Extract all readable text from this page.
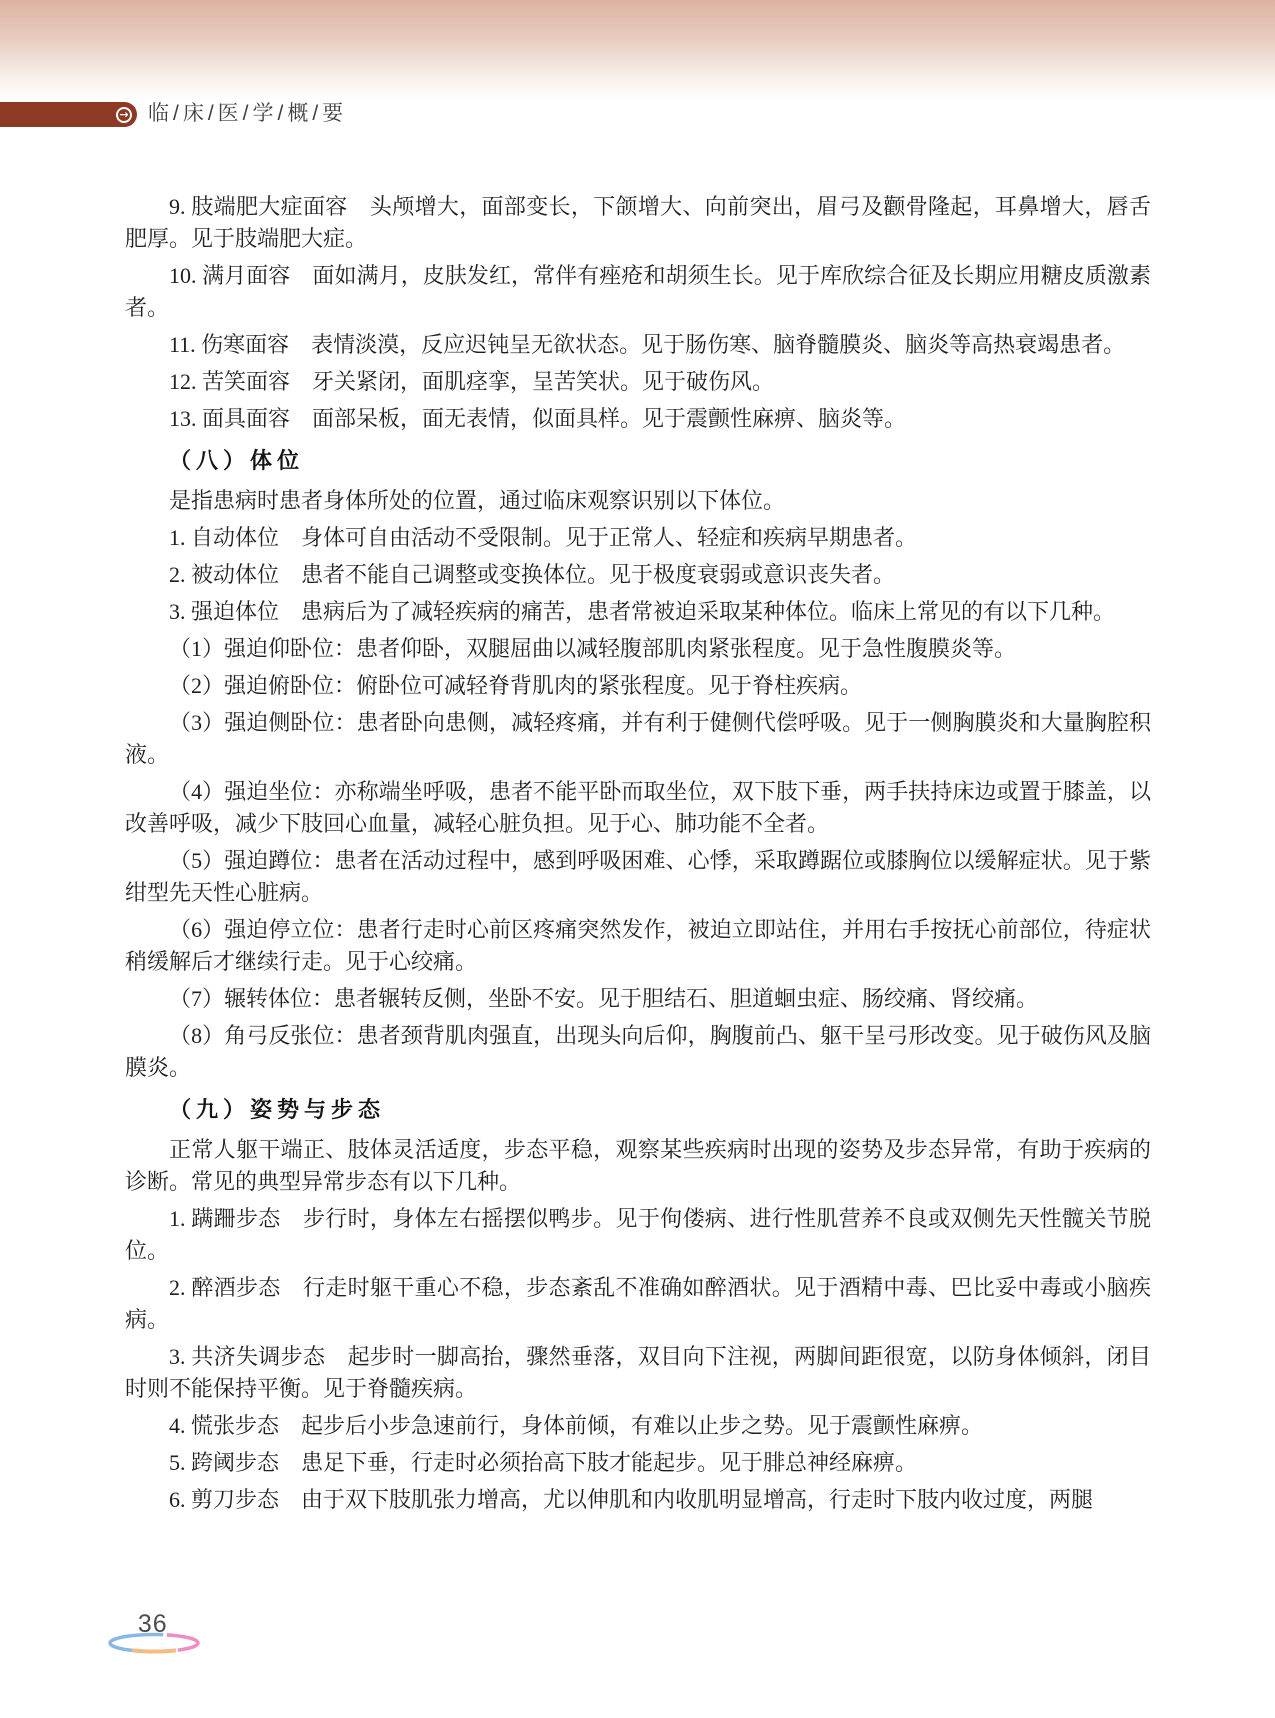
→ 临/床/医/学/概/要

9. 肢端肥大症面容　头颅增大，面部变长，下颌增大、向前突出，眉弓及颧骨隆起，耳鼻增大，唇舌肥厚。见于肢端肥大症。

10. 满月面容　面如满月，皮肤发红，常伴有痤疮和胡须生长。见于库欣综合征及长期应用糖皮质激素者。

11. 伤寒面容　表情淡漠，反应迟钝呈无欲状态。见于肠伤寒、脑脊髓膜炎、脑炎等高热衰竭患者。

12. 苦笑面容　牙关紧闭，面肌痉挛，呈苦笑状。见于破伤风。

13. 面具面容　面部呆板，面无表情，似面具样。见于震颤性麻痹、脑炎等。

（八）体位

是指患病时患者身体所处的位置，通过临床观察识别以下体位。

1. 自动体位　身体可自由活动不受限制。见于正常人、轻症和疾病早期患者。

2. 被动体位　患者不能自己调整或变换体位。见于极度衰弱或意识丧失者。

3. 强迫体位　患病后为了减轻疾病的痛苦，患者常被迫采取某种体位。临床上常见的有以下几种。

（1）强迫仰卧位：患者仰卧，双腿屈曲以减轻腹部肌肉紧张程度。见于急性腹膜炎等。

（2）强迫俯卧位：俯卧位可减轻脊背肌肉的紧张程度。见于脊柱疾病。

（3）强迫侧卧位：患者卧向患侧，减轻疼痛，并有利于健侧代偿呼吸。见于一侧胸膜炎和大量胸腔积液。

（4）强迫坐位：亦称端坐呼吸，患者不能平卧而取坐位，双下肢下垂，两手扶持床边或置于膝盖，以改善呼吸，减少下肢回心血量，减轻心脏负担。见于心、肺功能不全者。

（5）强迫蹲位：患者在活动过程中，感到呼吸困难、心悸，采取蹲踞位或膝胸位以缓解症状。见于紫绀型先天性心脏病。

（6）强迫停立位：患者行走时心前区疼痛突然发作，被迫立即站住，并用右手按抚心前部位，待症状稍缓解后才继续行走。见于心绞痛。

（7）辗转体位：患者辗转反侧，坐卧不安。见于胆结石、胆道蛔虫症、肠绞痛、肾绞痛。

（8）角弓反张位：患者颈背肌肉强直，出现头向后仰，胸腹前凸、躯干呈弓形改变。见于破伤风及脑膜炎。

（九）姿势与步态

正常人躯干端正、肢体灵活适度，步态平稳，观察某些疾病时出现的姿势及步态异常，有助于疾病的诊断。常见的典型异常步态有以下几种。

1. 蹒跚步态　步行时，身体左右摇摆似鸭步。见于佝偻病、进行性肌营养不良或双侧先天性髋关节脱位。

2. 醉酒步态　行走时躯干重心不稳，步态紊乱不准确如醉酒状。见于酒精中毒、巴比妥中毒或小脑疾病。

3. 共济失调步态　起步时一脚高抬，骤然垂落，双目向下注视，两脚间距很宽，以防身体倾斜，闭目时则不能保持平衡。见于脊髓疾病。

4. 慌张步态　起步后小步急速前行，身体前倾，有难以止步之势。见于震颤性麻痹。

5. 跨阈步态　患足下垂，行走时必须抬高下肢才能起步。见于腓总神经麻痹。

6. 剪刀步态　由于双下肢肌张力增高，尤以伸肌和内收肌明显增高，行走时下肢内收过度，两腿

36
